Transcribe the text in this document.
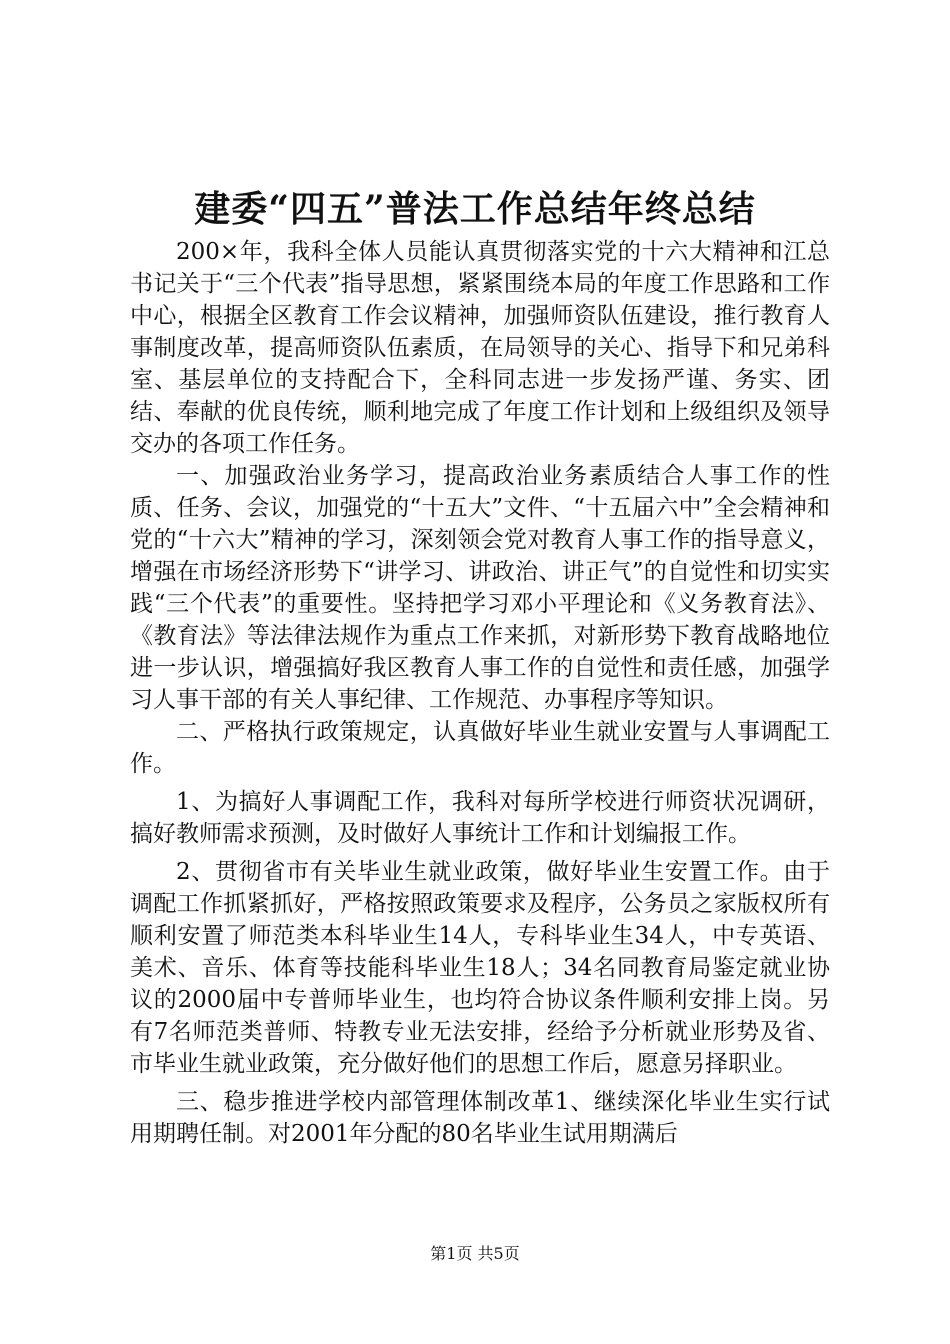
建委“四五”普法工作总结年终总结

200×年，我科全体人员能认真贯彻落实党的十六大精神和江总书记关于“三个代表”指导思想，紧紧围绕本局的年度工作思路和工作中心，根据全区教育工作会议精神，加强师资队伍建设，推行教育人事制度改革，提高师资队伍素质，在局领导的关心、指导下和兄弟科室、基层单位的支持配合下，全科同志进一步发扬严谨、务实、团结、奉献的优良传统，顺利地完成了年度工作计划和上级组织及领导交办的各项工作任务。

一、加强政治业务学习，提高政治业务素质结合人事工作的性质、任务、会议，加强党的“十五大”文件、“十五届六中”全会精神和党的“十六大”精神的学习，深刻领会党对教育人事工作的指导意义，增强在市场经济形势下“讲学习、讲政治、讲正气”的自觉性和切实实践“三个代表”的重要性。坚持把学习邓小平理论和《义务教育法》、《教育法》等法律法规作为重点工作来抓，对新形势下教育战略地位进一步认识，增强搞好我区教育人事工作的自觉性和责任感，加强学习人事干部的有关人事纪律、工作规范、办事程序等知识。

二、严格执行政策规定，认真做好毕业生就业安置与人事调配工作。

1、为搞好人事调配工作，我科对每所学校进行师资状况调研，搞好教师需求预测，及时做好人事统计工作和计划编报工作。

2、贯彻省市有关毕业生就业政策，做好毕业生安置工作。由于调配工作抓紧抓好，严格按照政策要求及程序，公务员之家版权所有顺利安置了师范类本科毕业生14人，专科毕业生34人，中专英语、美术、音乐、体育等技能科毕业生18人；34名同教育局鉴定就业协议的2000届中专普师毕业生，也均符合协议条件顺利安排上岗。另有7名师范类普师、特教专业无法安排，经给予分析就业形势及省、市毕业生就业政策，充分做好他们的思想工作后，愿意另择职业。

三、稳步推进学校内部管理体制改革1、继续深化毕业生实行试用期聘任制。对2001年分配的80名毕业生试用期满后

第1页 共5页
